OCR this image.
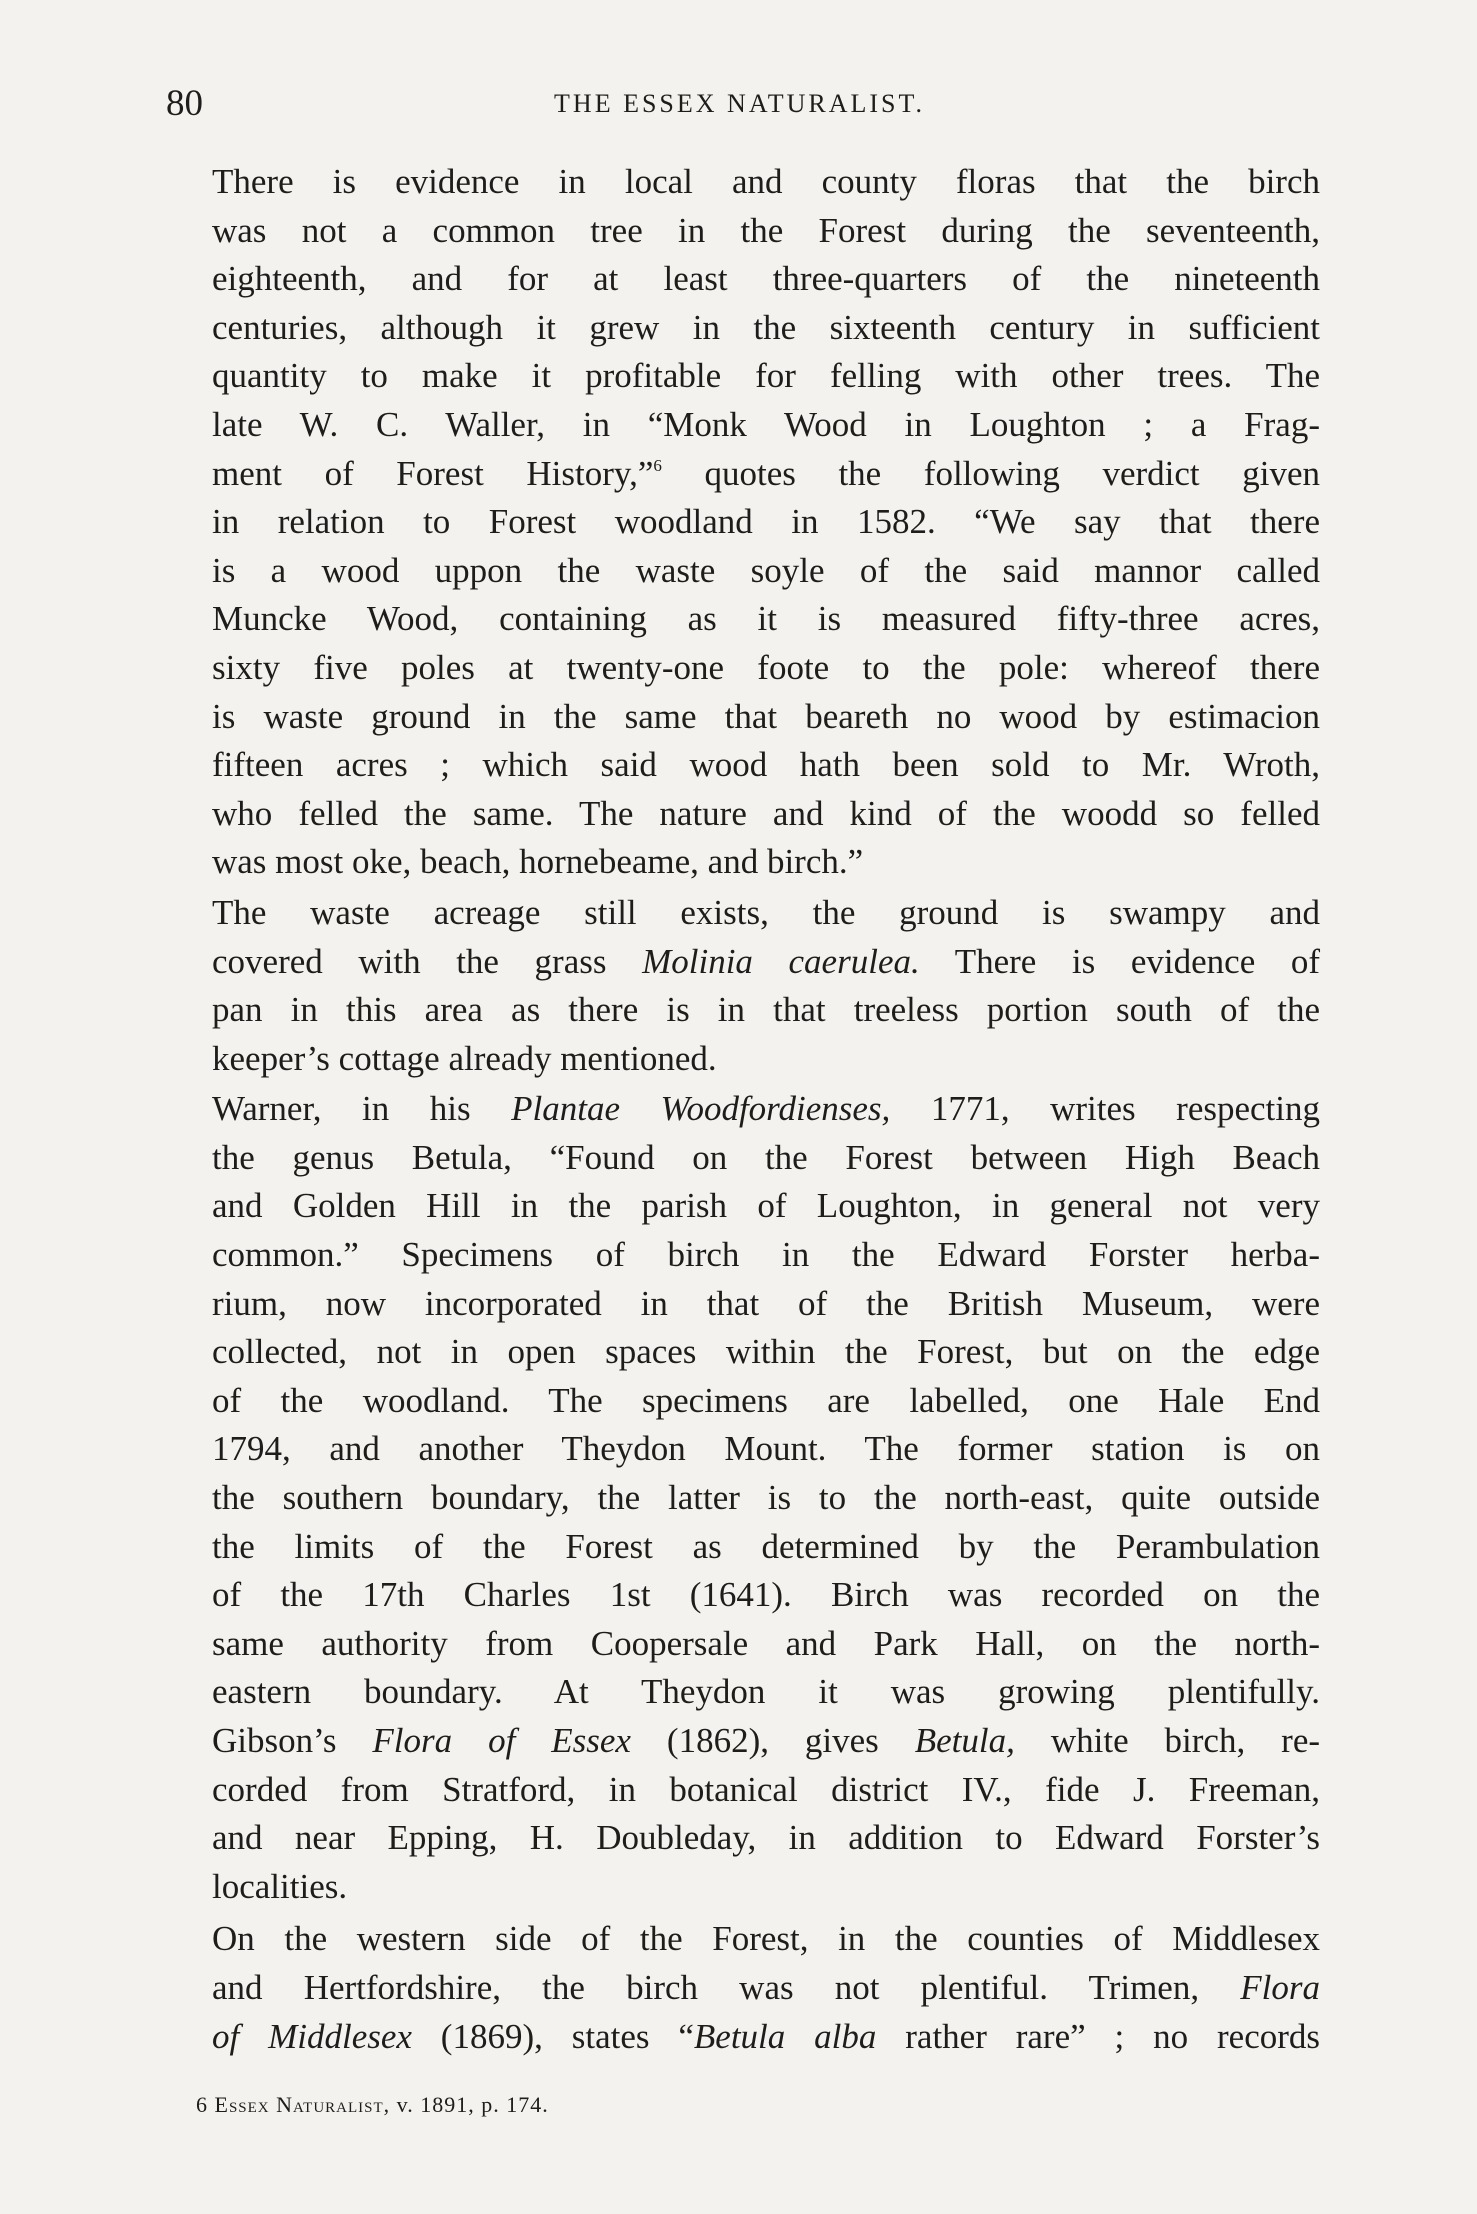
80	THE ESSEX NATURALIST.
There is evidence in local and county floras that the birch
was not a common tree in the Forest during the seventeenth,
eighteenth, and for at least three-quarters of the nineteenth
centuries, although it grew in the sixteenth century in sufficient
quantity to make it profitable for felling with other trees. The
late W. C. Waller, in “Monk Wood in Loughton ; a Frag-
ment of Forest History,”$^6$ quotes the following verdict given
in relation to Forest woodland in 1582. “We say that there
is a wood uppon the waste soyle of the said mannor called
Muncke Wood, containing as it is measured fifty-three acres,
sixty five poles at twenty-one foote to the pole: whereof there
is waste ground in the same that beareth no wood by estimacion
fifteen acres ; which said wood hath been sold to Mr. Wroth,
who felled the same. The nature and kind of the woodd so felled
was most oke, beach, hornebeame, and birch.”
The waste acreage still exists, the ground is swampy and
covered with the grass Molinia caerulea. There is evidence of
pan in this area as there is in that treeless portion south of the
keeper’s cottage already mentioned.
Warner, in his Plantae Woodfordienses, 1771, writes respecting
the genus Betula, “Found on the Forest between High Beach
and Golden Hill in the parish of Loughton, in general not very
common.” Specimens of birch in the Edward Forster herba-
rium, now incorporated in that of the British Museum, were
collected, not in open spaces within the Forest, but on the edge
of the woodland. The specimens are labelled, one Hale End
1794, and another Theydon Mount. The former station is on
the southern boundary, the latter is to the north-east, quite outside
the limits of the Forest as determined by the Perambulation
of the 17th Charles 1st (1641). Birch was recorded on the
same authority from Coopersale and Park Hall, on the north-
eastern boundary. At Theydon it was growing plentifully.
Gibson’s Flora of Essex (1862), gives Betula, white birch, re-
corded from Stratford, in botanical district IV., fide J. Freeman,
and near Epping, H. Doubleday, in addition to Edward Forster’s
localities.
On the western side of the Forest, in the counties of Middlesex
and Hertfordshire, the birch was not plentiful. Trimen, Flora
of Middlesex (1869), states “Betula alba rather rare” ; no records
6 Essex Naturalist, v. 1891, p. 174.
